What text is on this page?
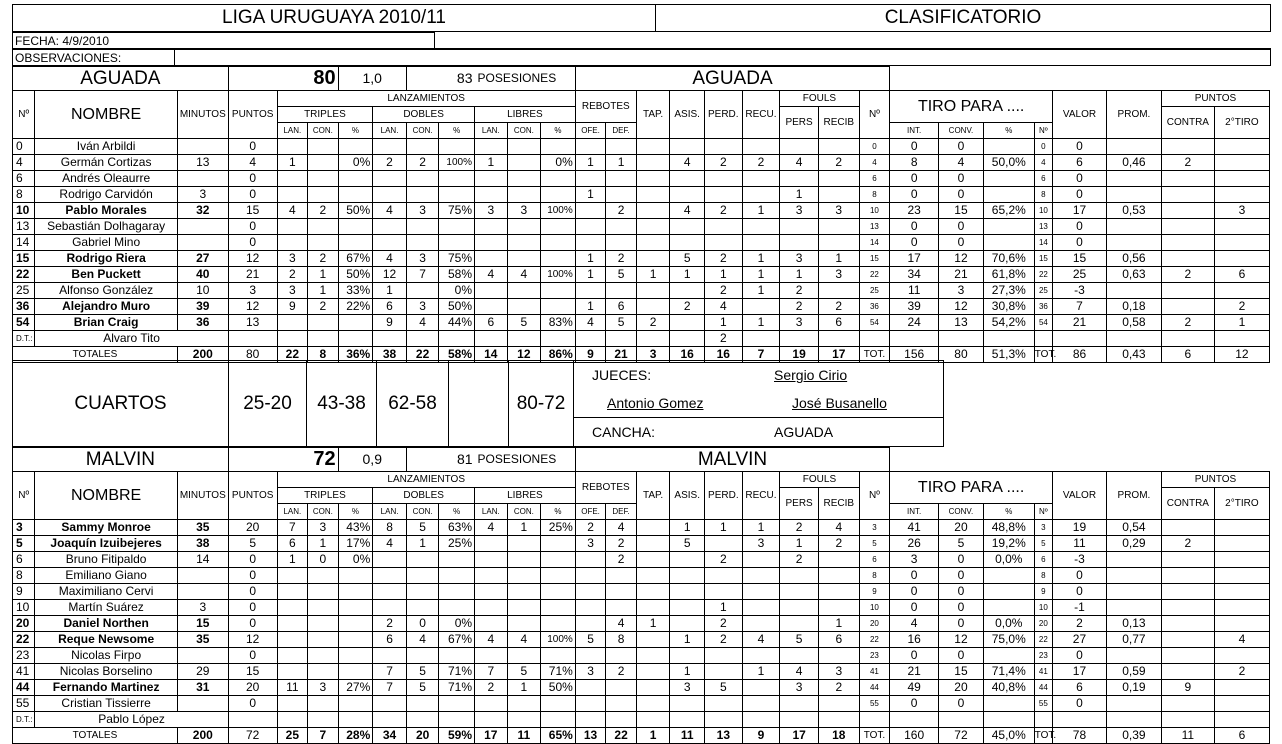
LIGA URUGUAYA 2010/11	CLASIFICATORIO
FECHA: 4/9/2010	
OBSERVACIONES:	
AGUADA			80			1,0		83		POSESIONES			AGUADA																
Nº	NOMBRE	MINUTOS	PUNTOS	LANZAMIENTOS									REBOTES		TAP.	ASIS.	PERD.	RECU.	FOULS		Nº	TIRO PARA ....				VALOR	PROM.	PUNTOS	
				TRIPLES			DOBLES			LIBRES									PERS	RECIB								CONTRA	2°TIRO
				LAN.	CON.	%	LAN.	CON.	%	LAN.	CON.	%	OFE.	DEF.								INT.	CONV.	%	Nº				
0	Iván Arbildi		0																		0	0	0		0	0			
4	Germán Cortizas	13	4	1		0%	2	2	100%	1		0%	1	1		4	2	2	4	2	4	8	4	50,0%	4	6	0,46	2	
6	Andrés Oleaurre		0																		6	0	0		6	0			
8	Rodrigo Carvidón	3	0										1						1		8	0	0		8	0			
10	Pablo Morales	32	15	4	2	50%	4	3	75%	3	3	100%		2		4	2	1	3	3	10	23	15	65,2%	10	17	0,53		3
13	Sebastián Dolhagaray		0																		13	0	0		13	0			
14	Gabriel Mino		0																		14	0	0		14	0			
15	Rodrigo Riera	27	12	3	2	67%	4	3	75%				1	2		5	2	1	3	1	15	17	12	70,6%	15	15	0,56		
22	Ben Puckett	40	21	2	1	50%	12	7	58%	4	4	100%	1	5	1	1	1	1	1	3	22	34	21	61,8%	22	25	0,63	2	6
25	Alfonso González	10	3	3	1	33%	1		0%								2	1	2		25	11	3	27,3%	25	-3			
36	Alejandro Muro	39	12	9	2	22%	6	3	50%				1	6		2	4		2	2	36	39	12	30,8%	36	7	0,18		2
54	Brian Craig	36	13				9	4	44%	6	5	83%	4	5	2		1	1	3	6	54	24	13	54,2%	54	21	0,58	2	1
D.T.:	Alvaro Tito																2												
TOTALES		200	80	22	8	36%	38	22	58%	14	12	86%	9	21	3	16	16	7	19	17	TOT.	156	80	51,3%	TOT.	86	0,43	6	12
CUARTOS	25-20	43-38	62-58		80-72	JUECES:	Sergio Cirio	
Antonio Gomez	José Busanello
CANCHA:	AGUADA
MALVIN			72			0,9		81		POSESIONES			MALVIN																
Nº	NOMBRE	MINUTOS	PUNTOS	LANZAMIENTOS									REBOTES		TAP.	ASIS.	PERD.	RECU.	FOULS		Nº	TIRO PARA ....				VALOR	PROM.	PUNTOS	
				TRIPLES			DOBLES			LIBRES									PERS	RECIB								CONTRA	2°TIRO
				LAN.	CON.	%	LAN.	CON.	%	LAN.	CON.	%	OFE.	DEF.								INT.	CONV.	%	Nº				
3	Sammy Monroe	35	20	7	3	43%	8	5	63%	4	1	25%	2	4		1	1	1	2	4	3	41	20	48,8%	3	19	0,54		
5	Joaquín Izuibejeres	38	5	6	1	17%	4	1	25%				3	2		5		3	1	2	5	26	5	19,2%	5	11	0,29	2	
6	Bruno Fitipaldo	14	0	1	0	0%								2			2		2		6	3	0	0,0%	6	-3			
8	Emiliano Giano		0																		8	0	0		8	0			
9	Maximiliano Cervi		0																		9	0	0		9	0			
10	Martín Suárez	3	0														1				10	0	0		10	-1			
20	Daniel Northen	15	0				2	0	0%					4	1		2			1	20	4	0	0,0%	20	2	0,13		
22	Reque Newsome	35	12				6	4	67%	4	4	100%	5	8		1	2	4	5	6	22	16	12	75,0%	22	27	0,77		4
23	Nicolas Firpo		0																		23	0	0		23	0			
41	Nicolas Borselino	29	15				7	5	71%	7	5	71%	3	2		1		1	4	3	41	21	15	71,4%	41	17	0,59		2
44	Fernando Martinez	31	20	11	3	27%	7	5	71%	2	1	50%				3	5		3	2	44	49	20	40,8%	44	6	0,19	9	
55	Cristian Tissierre		0																		55	0	0		55	0			
D.T.:	Pablo López																												
TOTALES		200	72	25	7	28%	34	20	59%	17	11	65%	13	22	1	11	13	9	17	18	TOT.	160	72	45,0%	TOT.	78	0,39	11	6
